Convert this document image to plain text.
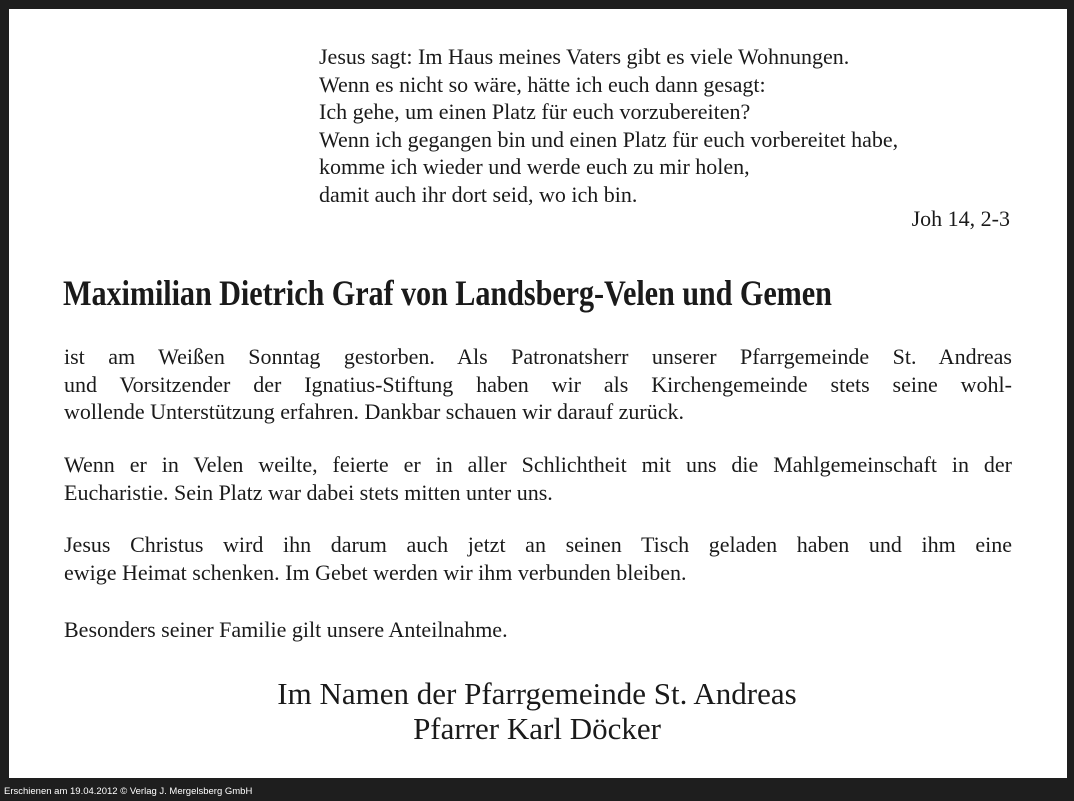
Jesus sagt: Im Haus meines Vaters gibt es viele Wohnungen.
Wenn es nicht so wäre, hätte ich euch dann gesagt:
Ich gehe, um einen Platz für euch vorzubereiten?
Wenn ich gegangen bin und einen Platz für euch vorbereitet habe,
komme ich wieder und werde euch zu mir holen,
damit auch ihr dort seid, wo ich bin.
Joh 14, 2-3
Maximilian Dietrich Graf von Landsberg-Velen und Gemen
ist am Weißen Sonntag gestorben. Als Patronatsherr unserer Pfarrgemeinde St. Andreas
und Vorsitzender der Ignatius-Stiftung haben wir als Kirchengemeinde stets seine wohl-
wollende Unterstützung erfahren. Dankbar schauen wir darauf zurück.
Wenn er in Velen weilte, feierte er in aller Schlichtheit mit uns die Mahlgemeinschaft in der
Eucharistie. Sein Platz war dabei stets mitten unter uns.
Jesus Christus wird ihn darum auch jetzt an seinen Tisch geladen haben und ihm eine
ewige Heimat schenken. Im Gebet werden wir ihm verbunden bleiben.
Besonders seiner Familie gilt unsere Anteilnahme.
Im Namen der Pfarrgemeinde St. Andreas
Pfarrer Karl Döcker
Erschienen am 19.04.2012 © Verlag J. Mergelsberg GmbH
